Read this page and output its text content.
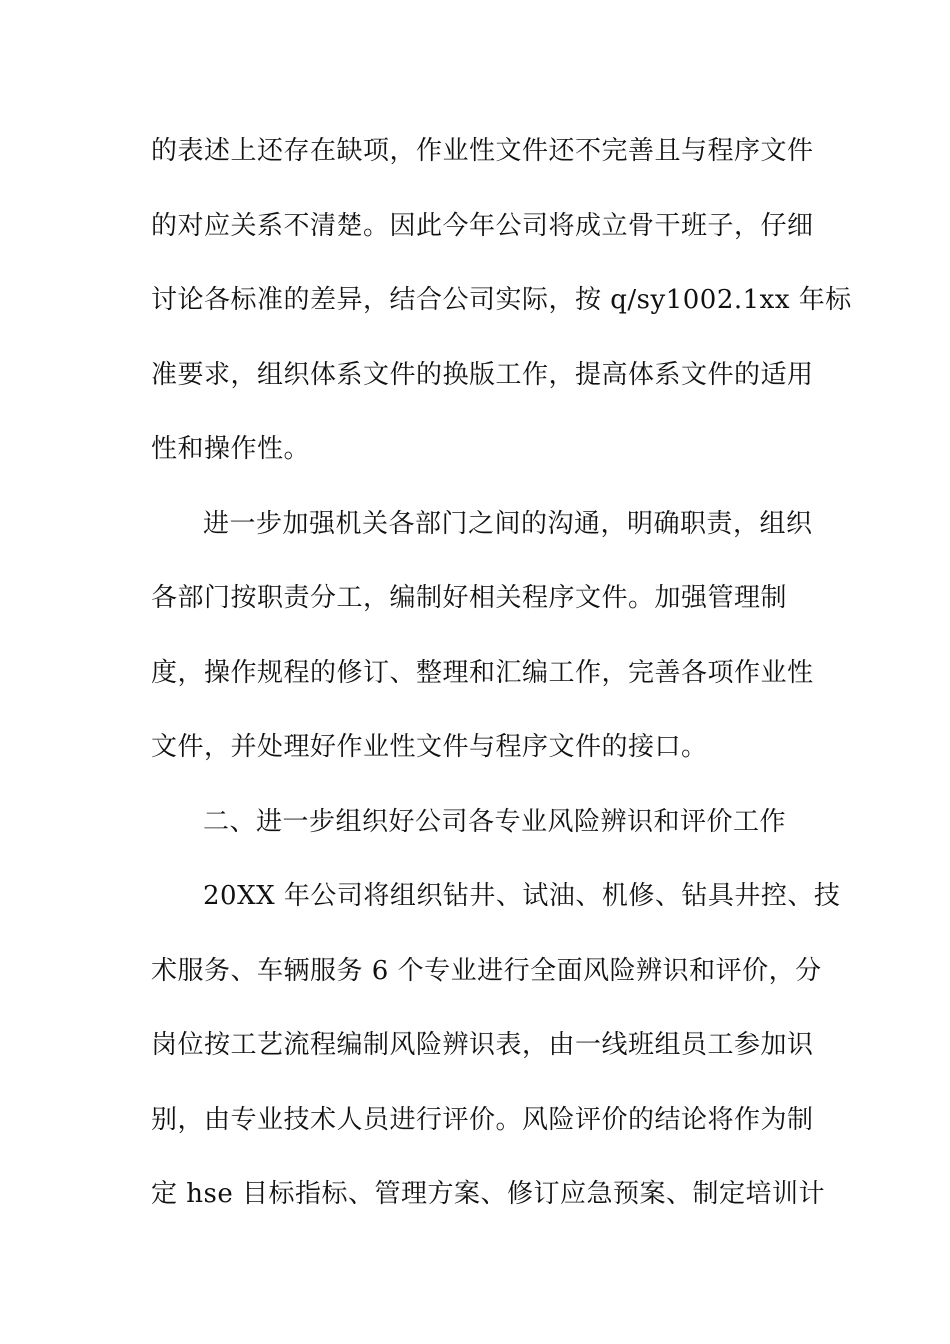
的表述上还存在缺项，作业性文件还不完善且与程序文件
的对应关系不清楚。因此今年公司将成立骨干班子，仔细
讨论各标准的差异，结合公司实际，按 q/sy1002.1xx 年标
准要求，组织体系文件的换版工作，提高体系文件的适用
性和操作性。
进一步加强机关各部门之间的沟通，明确职责，组织
各部门按职责分工，编制好相关程序文件。加强管理制
度，操作规程的修订、整理和汇编工作，完善各项作业性
文件，并处理好作业性文件与程序文件的接口。
二、进一步组织好公司各专业风险辨识和评价工作
20XX 年公司将组织钻井、试油、机修、钻具井控、技
术服务、车辆服务 6 个专业进行全面风险辨识和评价，分
岗位按工艺流程编制风险辨识表，由一线班组员工参加识
别，由专业技术人员进行评价。风险评价的结论将作为制
定 hse 目标指标、管理方案、修订应急预案、制定培训计
